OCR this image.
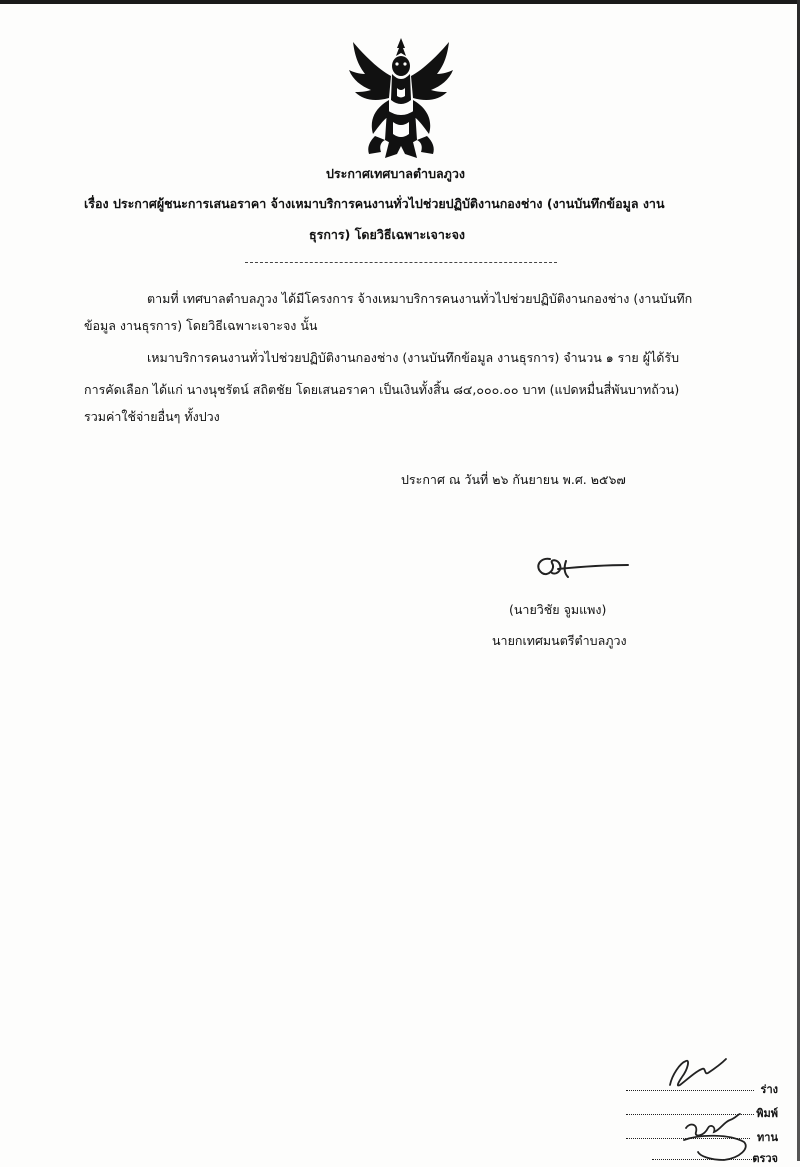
ประกาศเทศบาลตำบลภูวง
เรื่อง ประกาศผู้ชนะการเสนอราคา จ้างเหมาบริการคนงานทั่วไปช่วยปฏิบัติงานกองช่าง (งานบันทึกข้อมูล งาน
ธุรการ) โดยวิธีเฉพาะเจาะจง
ตามที่ เทศบาลตำบลภูวง ได้มีโครงการ จ้างเหมาบริการคนงานทั่วไปช่วยปฏิบัติงานกองช่าง (งานบันทึก
ข้อมูล งานธุรการ) โดยวิธีเฉพาะเจาะจง นั้น
เหมาบริการคนงานทั่วไปช่วยปฏิบัติงานกองช่าง (งานบันทึกข้อมูล งานธุรการ) จำนวน ๑ ราย ผู้ได้รับ
การคัดเลือก ได้แก่ นางนุชรัตน์ สถิตชัย โดยเสนอราคา เป็นเงินทั้งสิ้น ๘๔,๐๐๐.๐๐ บาท (แปดหมื่นสี่พันบาทถ้วน)
รวมค่าใช้จ่ายอื่นๆ ทั้งปวง
ประกาศ ณ วันที่ ๒๖ กันยายน พ.ศ. ๒๕๖๗
(นายวิชัย จูมแพง)
นายกเทศมนตรีตำบลภูวง
ร่าง
พิมพ์
ทาน
ตรวจ
